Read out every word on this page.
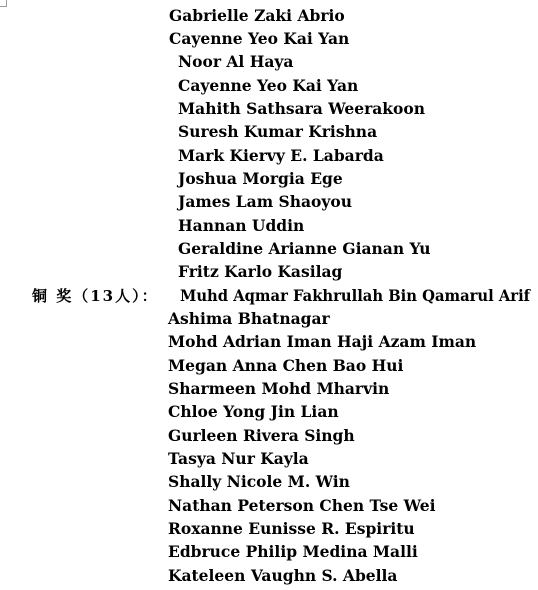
Gabrielle Zaki Abrio
Cayenne Yeo Kai Yan
Noor Al Haya
Cayenne Yeo Kai Yan
Mahith Sathsara Weerakoon
Suresh Kumar Krishna
Mark Kiervy E. Labarda
Joshua Morgia Ege
James Lam Shaoyou
Hannan Uddin
Geraldine Arianne Gianan Yu
Fritz Karlo Kasilag
铜 奖（13人）： Muhd Aqmar Fakhrullah Bin Qamarul Arif
Ashima Bhatnagar
Mohd Adrian Iman Haji Azam Iman
Megan Anna Chen Bao Hui
Sharmeen Mohd Mharvin
Chloe Yong Jin Lian
Gurleen Rivera Singh
Tasya Nur Kayla
Shally Nicole M. Win
Nathan Peterson Chen Tse Wei
Roxanne Eunisse R. Espiritu
Edbruce Philip Medina Malli
Kateleen Vaughn S. Abella
